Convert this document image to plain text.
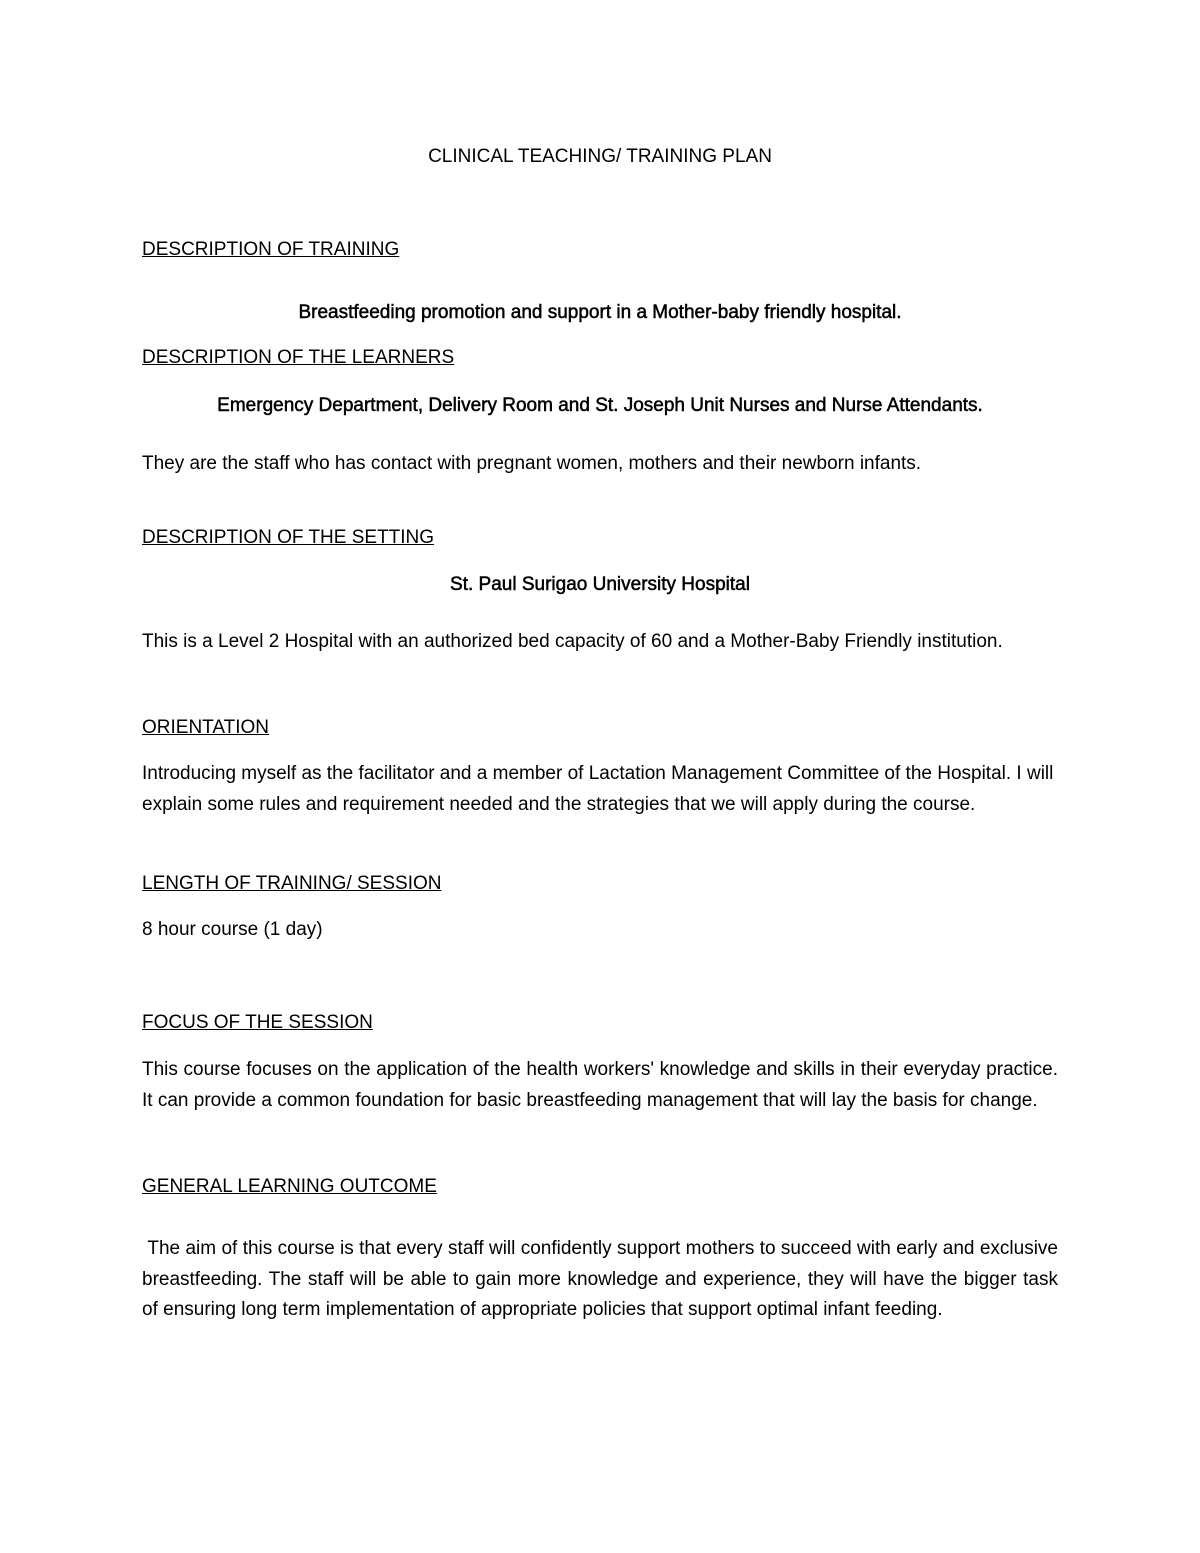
CLINICAL TEACHING/ TRAINING PLAN
DESCRIPTION OF TRAINING
Breastfeeding promotion and support in a Mother-baby friendly hospital.
DESCRIPTION OF THE LEARNERS
Emergency Department, Delivery Room and St. Joseph Unit Nurses and Nurse Attendants.
They are the staff who has contact with pregnant women, mothers and their newborn infants.
DESCRIPTION OF THE SETTING
St. Paul Surigao University Hospital
This is a Level 2 Hospital with an authorized bed capacity of 60 and a Mother-Baby Friendly institution.
ORIENTATION
Introducing myself as the facilitator and a member of Lactation Management Committee of the Hospital. I will explain some rules and requirement needed and the strategies that we will apply during the course.
LENGTH OF TRAINING/ SESSION
8 hour course (1 day)
FOCUS OF THE SESSION
This course focuses on the application of the health workers' knowledge and skills in their everyday practice. It can provide a common foundation for basic breastfeeding management that will lay the basis for change.
GENERAL LEARNING OUTCOME
The aim of this course is that every staff will confidently support mothers to succeed with early and exclusive breastfeeding. The staff will be able to gain more knowledge and experience, they will have the bigger task of ensuring long term implementation of appropriate policies that support optimal infant feeding.
